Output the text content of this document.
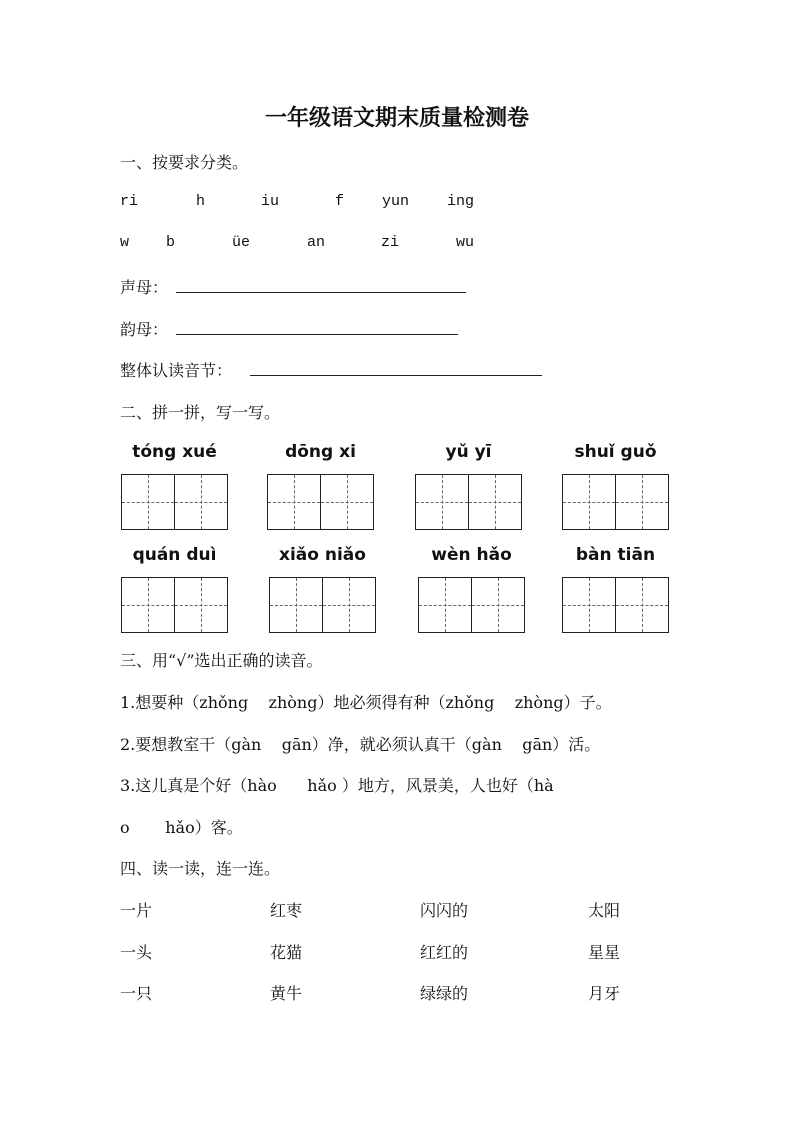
一年级语文期末质量检测卷
一、按要求分类。
ri	h	iu	f	yun	ing
w b	üe	an	zi	wu
声母：
韵母：
整体认读音节：
二、拼一拼，写一写。
tóng xué	dōng xi	yǔ yī	shuǐ guǒ
quán duì	xiǎo niǎo	wèn hǎo	bàn tiān
三、用“√”选出正确的读音。
1.想要种（zhǒng    zhòng）地必须得有种（zhǒng    zhòng）子。
2.要想教室干（gàn    gān）净，就必须认真干（gàn    gān）活。
3.这儿真是个好（hào      hǎo ）地方，风景美，人也好（hà
o       hǎo）客。
四、读一读，连一连。
一片	红枣	闪闪的	太阳
一头	花猫	红红的	星星
一只	黄牛	绿绿的	月牙
